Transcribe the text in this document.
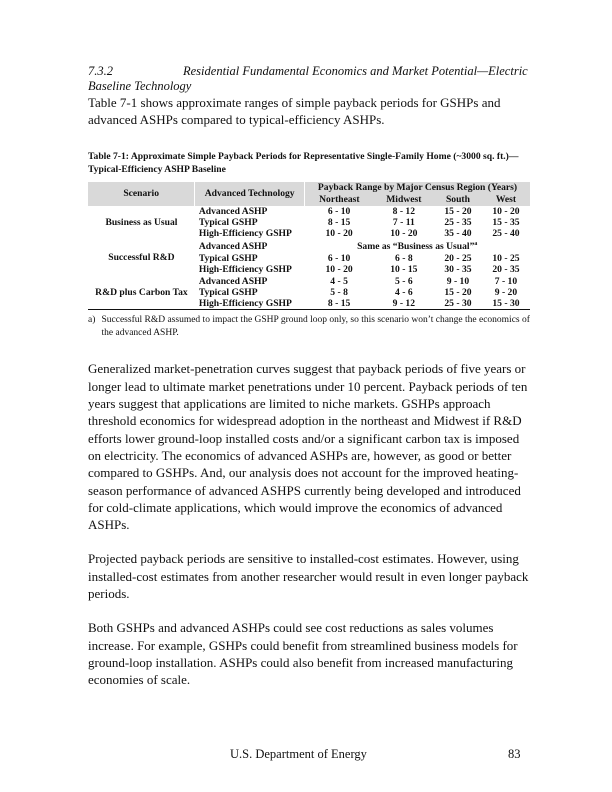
7.3.2	Residential Fundamental Economics and Market Potential—Electric Baseline Technology

Table 7-1 shows approximate ranges of simple payback periods for GSHPs and advanced ASHPs compared to typical-efficiency ASHPs.

Table 7-1: Approximate Simple Payback Periods for Representative Single-Family Home (~3000 sq. ft.)—Typical-Efficiency ASHP Baseline
Scenario	Advanced Technology	Payback Range by Major Census Region (Years)			
		Northeast	Midwest	South	West
Business as Usual	Advanced ASHP	6 - 10	8 - 12	15 - 20	10 - 20
	Typical GSHP	8 - 15	7 - 11	25 - 35	15 - 35
	High-Efficiency GSHP	10 - 20	10 - 20	35 - 40	25 - 40
Successful R&D	Advanced ASHP	Same as “Business as Usual”$^a$
	Typical GSHP	6 - 10	6 - 8	20 - 25	10 - 25
	High-Efficiency GSHP	10 - 20	10 - 15	30 - 35	20 - 35
R&D plus Carbon Tax	Advanced ASHP	4 - 5	5 - 6	9 - 10	7 - 10
	Typical GSHP	5 - 8	4 - 6	15 - 20	9 - 20
	High-Efficiency GSHP	8 - 15	9 - 12	25 - 30	15 - 30
a) Successful R&D assumed to impact the GSHP ground loop only, so this scenario won’t change the economics of the advanced ASHP.

Generalized market-penetration curves suggest that payback periods of five years or longer lead to ultimate market penetrations under 10 percent. Payback periods of ten years suggest that applications are limited to niche markets. GSHPs approach threshold economics for widespread adoption in the northeast and Midwest if R&D efforts lower ground-loop installed costs and/or a significant carbon tax is imposed on electricity. The economics of advanced ASHPs are, however, as good or better compared to GSHPs. And, our analysis does not account for the improved heating-season performance of advanced ASHPS currently being developed and introduced for cold-climate applications, which would improve the economics of advanced ASHPs.

Projected payback periods are sensitive to installed-cost estimates. However, using installed-cost estimates from another researcher would result in even longer payback periods.

Both GSHPs and advanced ASHPs could see cost reductions as sales volumes increase. For example, GSHPs could benefit from streamlined business models for ground-loop installation. ASHPs could also benefit from increased manufacturing economies of scale.

U.S. Department of Energy	83
